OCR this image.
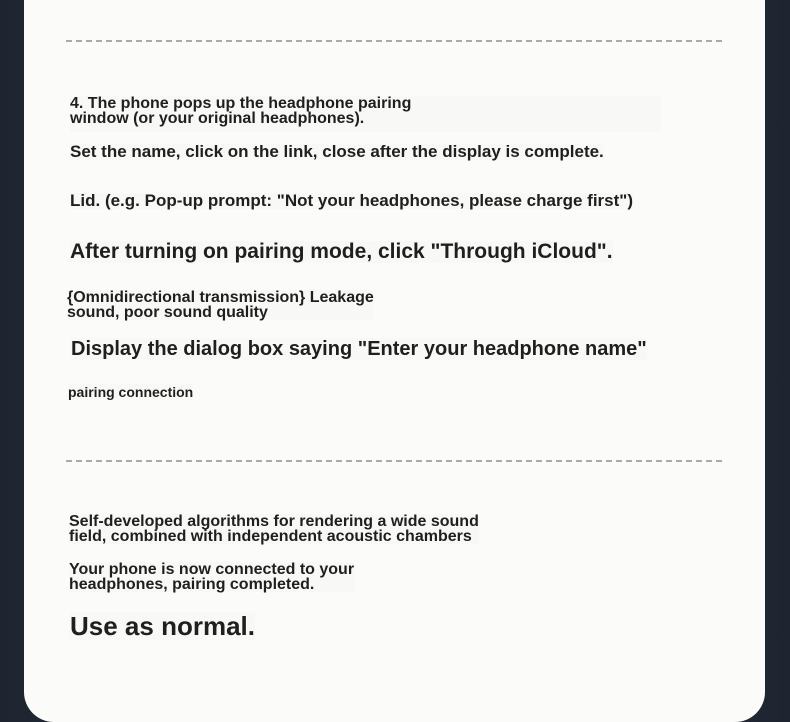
4. The phone pops up the headphone pairing
window (or your original headphones).

Set the name, click on the link, close after the display is complete.

Lid. (e.g. Pop-up prompt: "Not your headphones, please charge first")

After turning on pairing mode, click "Through iCloud".

{Omnidirectional transmission} Leakage
sound, poor sound quality

Display the dialog box saying "Enter your headphone name"

pairing connection

Self-developed algorithms for rendering a wide sound
field, combined with independent acoustic chambers

Your phone is now connected to your
headphones, pairing completed.

Use as normal.
